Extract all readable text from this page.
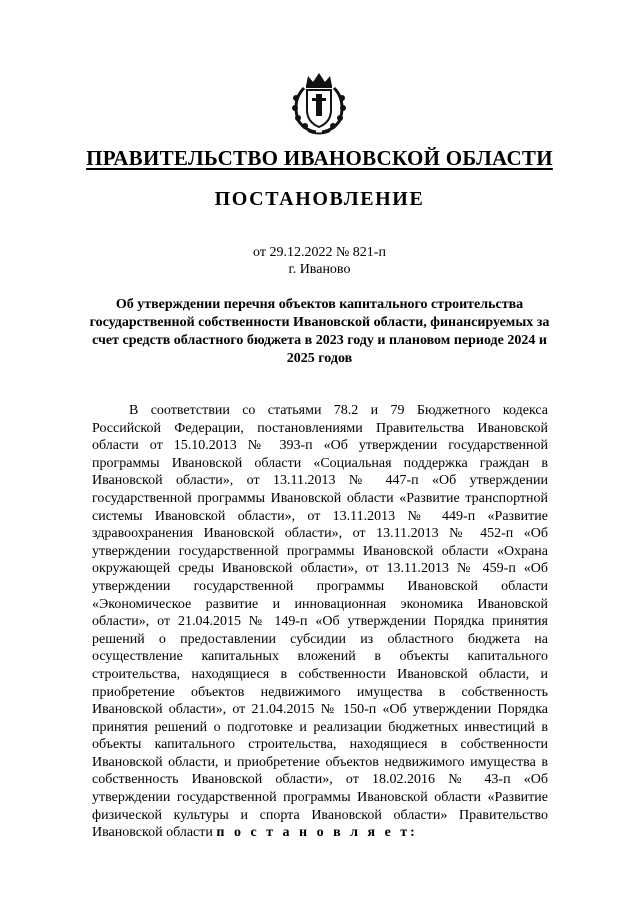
ПРАВИТЕЛЬСТВО ИВАНОВСКОЙ ОБЛАСТИ
ПОСТАНОВЛЕНИЕ
от 29.12.2022 № 821-п
г. Иваново
Об утверждении перечня объектов капитального строительства государственной собственности Ивановской области, финансируемых за счет средств областного бюджета в 2023 году и плановом периоде 2024 и 2025 годов

В соответствии со статьями 78.2 и 79 Бюджетного кодекса Российской Федерации, постановлениями Правительства Ивановской области от 15.10.2013 № 393-п «Об утверждении государственной программы Ивановской области «Социальная поддержка граждан в Ивановской области», от 13.11.2013 № 447-п «Об утверждении государственной программы Ивановской области «Развитие транспортной системы Ивановской области», от 13.11.2013 № 449-п «Развитие здравоохранения Ивановской области», от 13.11.2013 № 452-п «Об утверждении государственной программы Ивановской области «Охрана окружающей среды Ивановской области», от 13.11.2013 № 459-п «Об утверждении государственной программы Ивановской области «Экономическое развитие и инновационная экономика Ивановской области», от 21.04.2015 № 149-п «Об утверждении Порядка принятия решений о предоставлении субсидии из областного бюджета на осуществление капитальных вложений в объекты капитального строительства, находящиеся в собственности Ивановской области, и приобретение объектов недвижимого имущества в собственность Ивановской области», от 21.04.2015 № 150-п «Об утверждении Порядка принятия решений о подготовке и реализации бюджетных инвестиций в объекты капитального строительства, находящиеся в собственности Ивановской области, и приобретение объектов недвижимого имущества в собственность Ивановской области», от 18.02.2016 № 43-п «Об утверждении государственной программы Ивановской области «Развитие физической культуры и спорта Ивановской области» Правительство Ивановской области п о с т а н о в л я е т:
